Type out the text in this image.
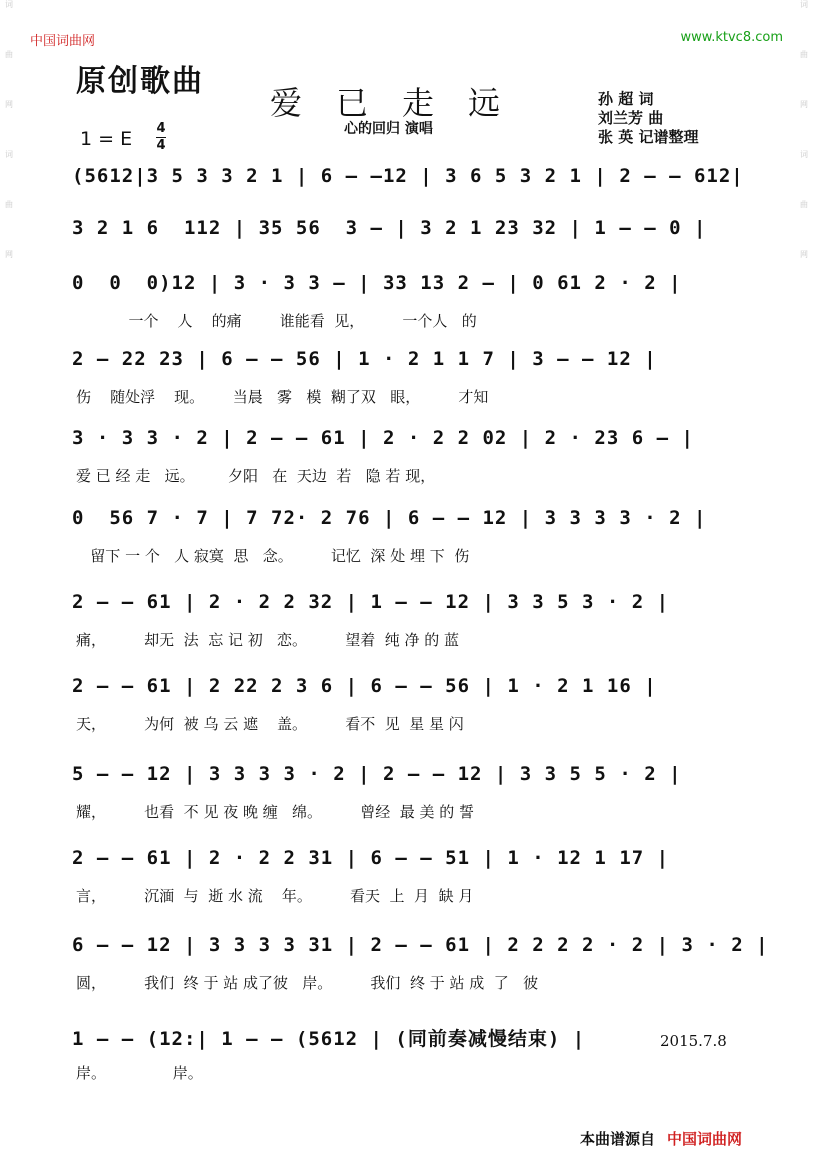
词
曲
网
词
曲
网
词
曲
网
词
曲
网
中国词曲网	www.ktvc8.com
原创歌曲
爱已走远	孙 超 词
刘兰芳 曲
张 英 记谱整理
心的回归 演唱
1 = E 4
4
(5612|3 5 3 3 2 1 | 6 — —12 | 3 6 5 3 2 1 | 2 — — 612|
3 2 1 6  112 | 35 56  3 — | 3 2 1 23 32 | 1 — — 0 |
0  0  0)12 | 3 · 3 3 — | 33 13 2 — | 0 61 2 · 2 |
一个    人    的痛        谁能看  见，        一个人   的
2 — 22 23 | 6 — — 56 | 1 · 2 1 1 7 | 3 — — 12 |
伤    随处浮    现。      当晨   雾   模  糊了双   眼，        才知
3 · 3 3 · 2 | 2 — — 61 | 2 · 2 2 02 | 2 · 23 6 — |
爱 已 经 走   远。       夕阳   在  天边  若   隐 若 现，
0  56 7 · 7 | 7 72· 2 76 | 6 — — 12 | 3 3 3 3 · 2 |
留下 一 个   人 寂寞  思   念。        记忆  深 处 埋 下  伤
2 — — 61 | 2 · 2 2 32 | 1 — — 12 | 3 3 5 3 · 2 |
痛，        却无  法  忘 记 初   恋。        望着  纯 净 的 蓝
2 — — 61 | 2 22 2 3 6 | 6 — — 56 | 1 · 2 1 16 |
天，        为何  被 乌 云 遮    盖。        看不  见  星 星 闪
5 — — 12 | 3 3 3 3 · 2 | 2 — — 12 | 3 3 5 5 · 2 |
耀，        也看  不 见 夜 晚 缠   绵。        曾经  最 美 的 誓
2 — — 61 | 2 · 2 2 31 | 6 — — 51 | 1 · 12 1 17 |
言，        沉湎  与  逝 水 流    年。        看天  上  月  缺 月
6 — — 12 | 3 3 3 3 31 | 2 — — 61 | 2 2 2 2 · 2 | 3 · 2 |
圆，        我们  终 于 站 成了彼   岸。        我们  终 于 站 成  了   彼
1 — — (12:| 1 — — (5612 | (同前奏减慢结束) |
岸。              岸。
2015.7.8
本曲谱源自 中国词曲网
